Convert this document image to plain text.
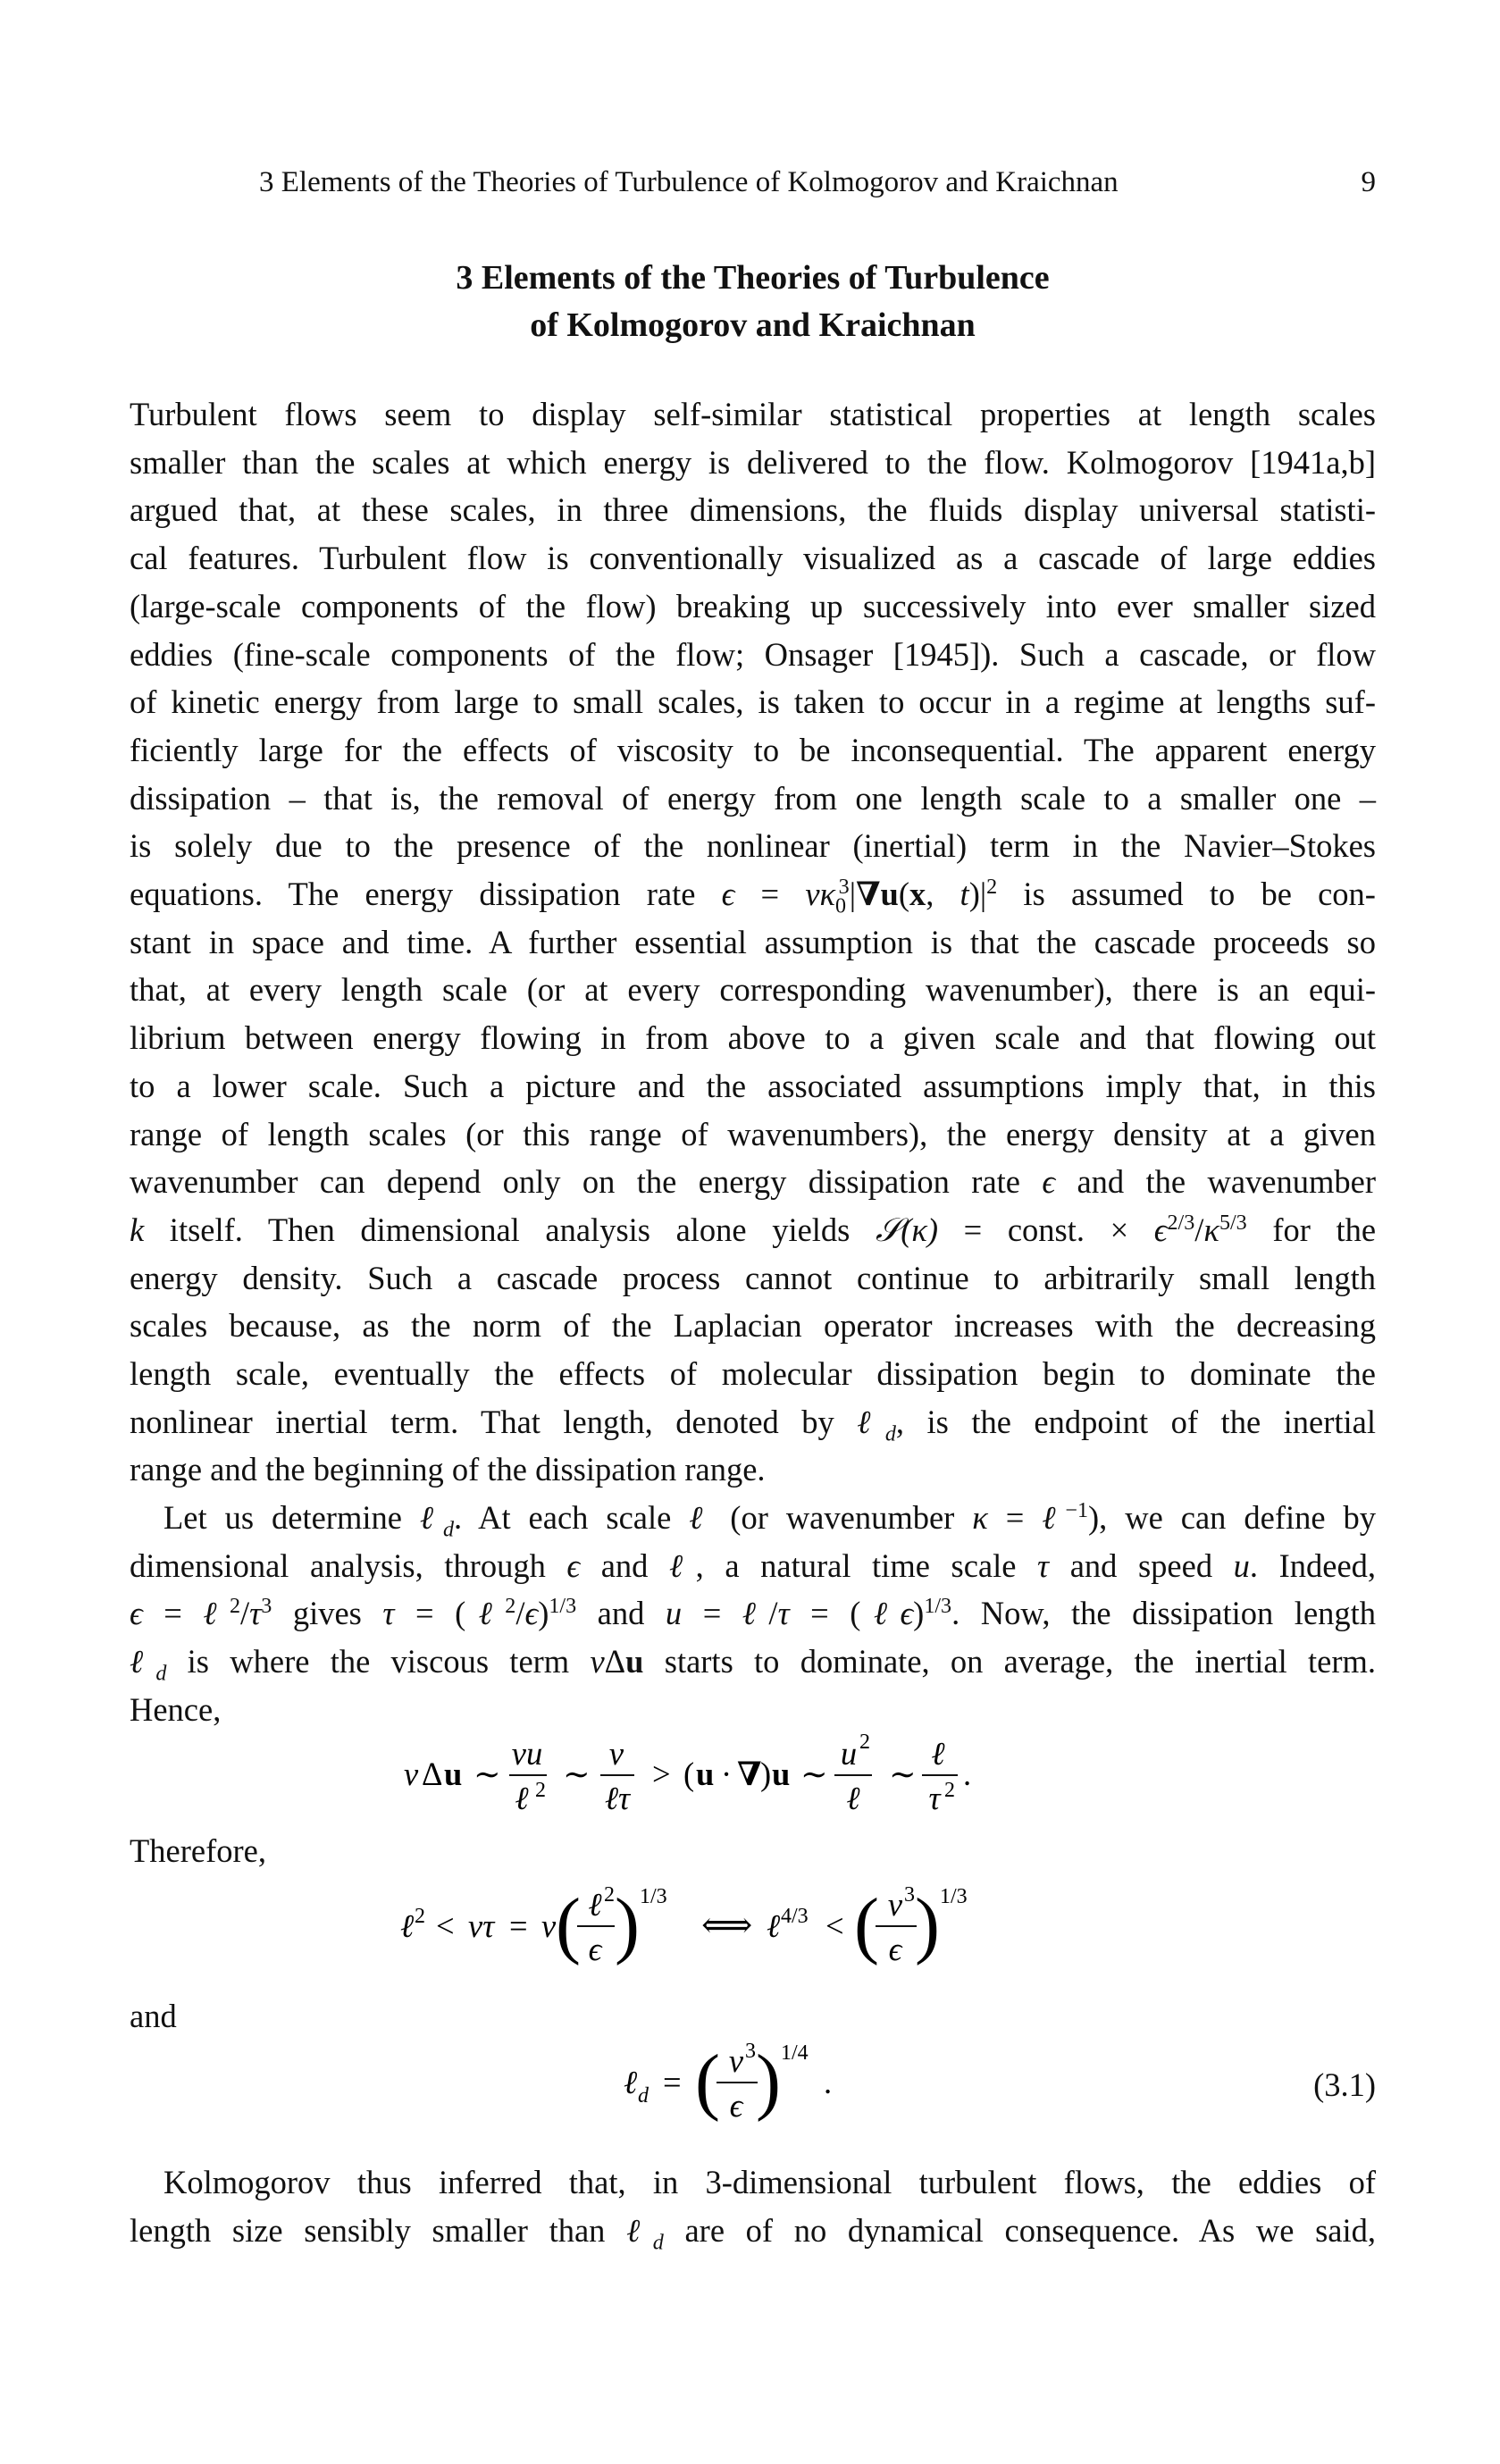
3 Elements of the Theories of Turbulence of Kolmogorov and Kraichnan	9
3 Elements of the Theories of Turbulence
of Kolmogorov and Kraichnan
Turbulent flows seem to display self-similar statistical properties at length scales
smaller than the scales at which energy is delivered to the flow. Kolmogorov [1941a,b]
argued that, at these scales, in three dimensions, the fluids display universal statisti-
cal features. Turbulent flow is conventionally visualized as a cascade of large eddies
(large-scale components of the flow) breaking up successively into ever smaller sized
eddies (fine-scale components of the flow; Onsager [1945]). Such a cascade, or flow
of kinetic energy from large to small scales, is taken to occur in a regime at lengths suf-
ficiently large for the effects of viscosity to be inconsequential. The apparent energy
dissipation – that is, the removal of energy from one length scale to a smaller one –
is solely due to the presence of the nonlinear (inertial) term in the Navier–Stokes
equations. The energy dissipation rate $\epsilon = \nu\kappa_0^3|\nabla u(x$, $t)|^2$ is assumed to be con-
stant in space and time. A further essential assumption is that the cascade proceeds so
that, at every length scale (or at every corresponding wavenumber), there is an equi-
librium between energy flowing in from above to a given scale and that flowing out
to a lower scale. Such a picture and the associated assumptions imply that, in this
range of length scales (or this range of wavenumbers), the energy density at a given
wavenumber can depend only on the energy dissipation rate ϵ and the wavenumber
k itself. Then dimensional analysis alone yields 𝒮(κ) = const. × $\epsilon^{2/3}/\kappa^{5/3}$ for the
energy density. Such a cascade process cannot continue to arbitrarily small length
scales because, as the norm of the Laplacian operator increases with the decreasing
length scale, eventually the effects of molecular dissipation begin to dominate the
nonlinear inertial term. That length, denoted by ℓ$_d$, is the endpoint of the inertial
range and the beginning of the dissipation range.
Let us determine ℓ$_d$. At each scale ℓ (or wavenumber κ = ℓ$^{-1}$), we can define by
dimensional analysis, through ϵ and ℓ, a natural time scale τ and speed u. Indeed,
$\epsilon = \ell^2/\tau^3$ gives τ = (ℓ$^2$/ϵ)$^{1/3}$ and u = ℓ/τ = (ℓϵ)$^{1/3}$. Now, the dissipation length
ℓ$_d$ is where the viscous term νΔu starts to dominate, on average, the inertial term.
Hence,
ν Δ u ∼
νu
ℓ 2 ∼
ν
ℓτ
> ( u · ∇
) u ∼
u 2
ℓ
∼
ℓ
τ 2 .
Therefore,
ℓ 2 < ντ = ν ( ℓ 2
ϵ ) 1/3
⟺ ℓ 4/3 < ( ν 3
ϵ ) 1/3
and
ℓ d = ( ν 3
ϵ ) 1/4
.	(3.1)
Kolmogorov thus inferred that, in 3-dimensional turbulent flows, the eddies of
length size sensibly smaller than ℓ$_d$ are of no dynamical consequence. As we said,
